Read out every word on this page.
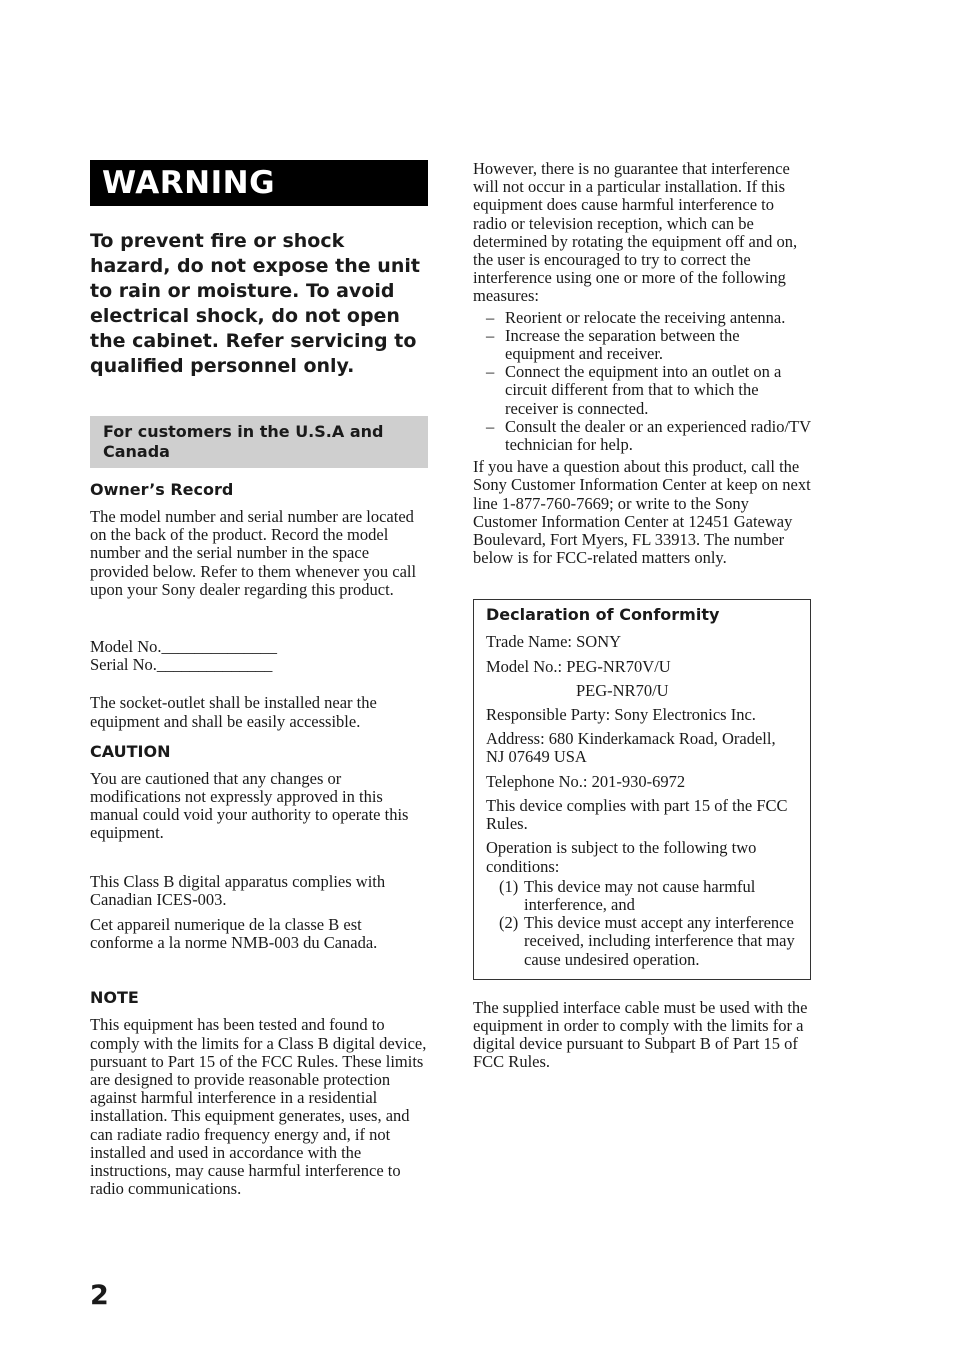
WARNING
To prevent fire or shock hazard, do not expose the unit to rain or moisture. To avoid electrical shock, do not open the cabinet. Refer servicing to qualified personnel only.
For customers in the U.S.A and Canada
Owner’s Record

The model number and serial number are located on the back of the product. Record the model number and the serial number in the space provided below. Refer to them whenever you call upon your Sony dealer regarding this product.

Model No.______________

Serial No.______________

The socket-outlet shall be installed near the equipment and shall be easily accessible.

CAUTION

You are cautioned that any changes or modifications not expressly approved in this manual could void your authority to operate this equipment.

This Class B digital apparatus complies with Canadian ICES-003.

Cet appareil numerique de la classe B est conforme a la norme NMB-003 du Canada.

NOTE

This equipment has been tested and found to comply with the limits for a Class B digital device, pursuant to Part 15 of the FCC Rules. These limits are designed to provide reasonable protection against harmful interference in a residential installation. This equipment generates, uses, and can radiate radio frequency energy and, if not installed and used in accordance with the instructions, may cause harmful interference to radio communications.

However, there is no guarantee that interference will not occur in a particular installation. If this equipment does cause harmful interference to radio or television reception, which can be determined by rotating the equipment off and on, the user is encouraged to try to correct the interference using one or more of the following measures:

– Reorient or relocate the receiving antenna.
– Increase the separation between the equipment and receiver.
– Connect the equipment into an outlet on a circuit different from that to which the receiver is connected.
– Consult the dealer or an experienced radio/TV technician for help.

If you have a question about this product, call the Sony Customer Information Center at keep on next line 1-877-760-7669; or write to the Sony Customer Information Center at 12451 Gateway Boulevard, Fort Myers, FL 33913. The number below is for FCC-related matters only.

Declaration of Conformity

Trade Name: SONY

Model No.: PEG-NR70V/U

PEG-NR70/U

Responsible Party: Sony Electronics Inc.

Address: 680 Kinderkamack Road, Oradell, NJ 07649 USA

Telephone No.: 201-930-6972

This device complies with part 15 of the FCC Rules.

Operation is subject to the following two conditions:

(1) This device may not cause harmful interference, and
(2) This device must accept any interference received, including interference that may cause undesired operation.

The supplied interface cable must be used with the equipment in order to comply with the limits for a digital device pursuant to Subpart B of Part 15 of FCC Rules.

2
